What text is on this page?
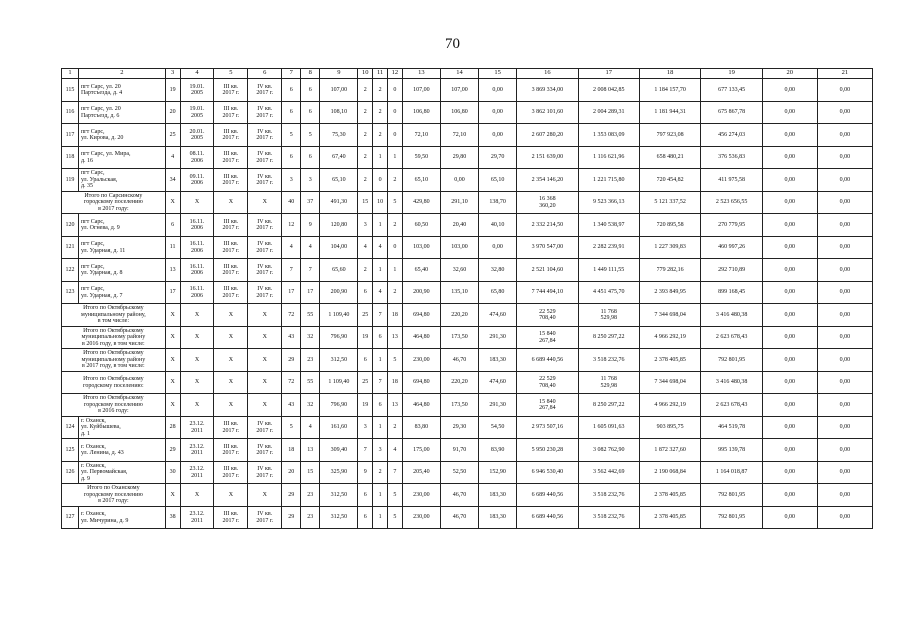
70
1	2	3	4	5	6	7	8	9	10	11	12	13	14	15	16	17	18	19	20	21
115	пгт Сарс, ул. 20
Партсъезда, д. 4	19	19.01.
2005	III кв.
2017 г.	IV кв.
2017 г.	6	6	107,00	2	2	0	107,00	107,00	0,00	3 869 334,00	2 008 042,85	1 184 157,70	677 133,45	0,00	0,00
116	пгт Сарс, ул. 20
Партсъезд, д. 6	20	19.01.
2005	III кв.
2017 г.	IV кв.
2017 г.	6	6	108,10	2	2	0	106,80	106,80	0,00	3 862 101,60	2 004 289,31	1 181 944,31	675 867,78	0,00	0,00
117	пгт Сарс,
ул. Кирова, д. 20	25	20.01.
2005	III кв.
2017 г.	IV кв.
2017 г.	5	5	75,30	2	2	0	72,10	72,10	0,00	2 607 280,20	1 353 083,09	797 923,08	456 274,03	0,00	0,00
118	пгт Сарс, ул. Мира,
д. 16	4	08.11.
2006	III кв.
2017 г.	IV кв.
2017 г.	6	6	67,40	2	1	1	59,50	29,80	29,70	2 151 639,00	1 116 621,96	658 480,21	376 536,83	0,00	0,00
119	пгт Сарс,
ул. Уральская,
д. 35	34	09.11.
2006	III кв.
2017 г.	IV кв.
2017 г.	3	3	65,10	2	0	2	65,10	0,00	65,10	2 354 146,20	1 221 715,80	720 454,82	411 975,58	0,00	0,00
Итого по Сарсинскому
городскому поселению
в 2017 году:		X	X	X	X	40	37	491,30	15	10	5	429,80	291,10	138,70	16 368
360,20	9 523 366,13	5 121 337,52	2 523 656,55	0,00	0,00
120	пгт Сарс,
ул. Огнева, д. 9	6	16.11.
2006	III кв.
2017 г.	IV кв.
2017 г.	12	9	120,80	3	1	2	60,50	20,40	40,10	2 332 214,50	1 340 538,97	720 895,58	270 779,95	0,00	0,00
121	пгт Сарс,
ул. Ударная, д. 11	11	16.11.
2006	III кв.
2017 г.	IV кв.
2017 г.	4	4	104,00	4	4	0	103,00	103,00	0,00	3 970 547,00	2 282 239,91	1 227 309,83	460 997,26	0,00	0,00
122	пгт Сарс,
ул. Ударная, д. 8	13	16.11.
2006	III кв.
2017 г.	IV кв.
2017 г.	7	7	65,60	2	1	1	65,40	32,60	32,80	2 521 104,60	1 449 111,55	779 282,16	292 710,89	0,00	0,00
123	пгт Сарс,
ул. Ударная, д. 7	17	16.11.
2006	III кв.
2017 г.	IV кв.
2017 г.	17	17	200,90	6	4	2	200,90	135,10	65,80	7 744 494,10	4 451 475,70	2 393 849,95	899 168,45	0,00	0,00
Итого по Октябрьскому
муниципальному району,
в том числе:		X	X	X	X	72	55	1 109,40	25	7	18	694,80	220,20	474,60	22 529
708,40	11 768
529,98	7 344 698,04	3 416 480,38	0,00	0,00
Итого по Октябрьскому
муниципальному району
в 2016 году, в том числе:		X	X	X	X	43	32	796,90	19	6	13	464,80	173,50	291,30	15 840
267,84	8 250 297,22	4 966 292,19	2 623 678,43	0,00	0,00
Итого по Октябрьскому
муниципальному району
в 2017 году, в том числе:		X	X	X	X	29	23	312,50	6	1	5	230,00	46,70	183,30	6 689 440,56	3 518 232,76	2 378 405,85	792 801,95	0,00	0,00
Итого по Октябрьскому
городскому поселению:		X	X	X	X	72	55	1 109,40	25	7	18	694,80	220,20	474,60	22 529
708,40	11 768
529,98	7 344 698,04	3 416 480,38	0,00	0,00
Итого по Октябрьскому
городскому поселению
в 2016 году:		X	X	X	X	43	32	796,90	19	6	13	464,80	173,50	291,30	15 840
267,84	8 250 297,22	4 966 292,19	2 623 678,43	0,00	0,00
124	г. Оханск,
ул. Куйбышева,
д. 1	28	23.12.
2011	III кв.
2017 г.	IV кв.
2017 г.	5	4	161,60	3	1	2	83,80	29,30	54,50	2 973 507,16	1 605 091,63	903 895,75	464 519,78	0,00	0,00
125	г. Оханск,
ул. Ленина, д. 43	29	23.12.
2011	III кв.
2017 г.	IV кв.
2017 г.	18	13	309,40	7	3	4	175,00	91,70	83,90	5 950 230,28	3 082 762,90	1 872 327,60	995 139,78	0,00	0,00
126	г. Оханск,
ул. Первомайская,
д. 9	30	23.12.
2011	III кв.
2017 г.	IV кв.
2017 г.	20	15	325,90	9	2	7	205,40	52,50	152,90	6 946 530,40	3 562 442,69	2 190 068,84	1 164 018,87	0,00	0,00
Итого по Оханскому
городскому поселению
в 2017 году:		X	X	X	X	29	23	312,50	6	1	5	230,00	46,70	183,30	6 689 440,56	3 518 232,76	2 378 405,85	792 801,95	0,00	0,00
127	г. Оханск,
ул. Мичурина, д. 9	38	23.12.
2011	III кв.
2017 г.	IV кв.
2017 г.	29	23	312,50	6	1	5	230,00	46,70	183,30	6 689 440,56	3 518 232,76	2 378 405,85	792 801,95	0,00	0,00
